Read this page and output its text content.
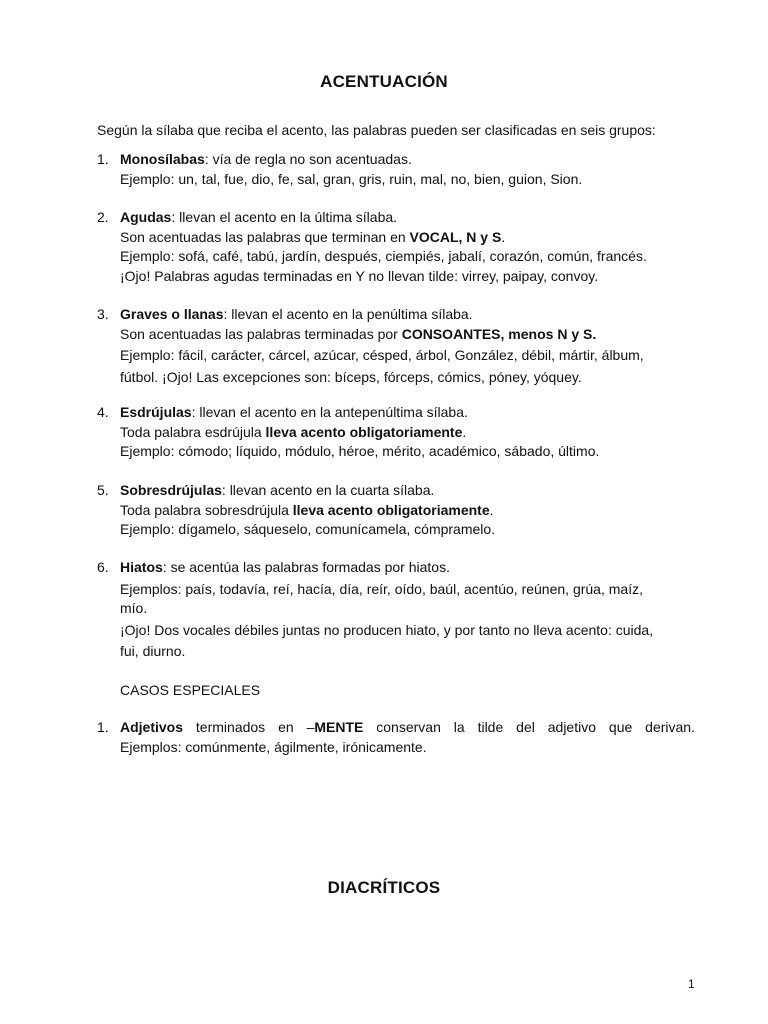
ACENTUACIÓN
Según la sílaba que reciba el acento, las palabras pueden ser clasificadas en seis grupos:
1. Monosílabas: vía de regla no son acentuadas.
Ejemplo: un, tal, fue, dio, fe, sal, gran, gris, ruin, mal, no, bien, guion, Sion.
2. Agudas: llevan el acento en la última sílaba.
Son acentuadas las palabras que terminan en VOCAL, N y S.
Ejemplo: sofá, café, tabú, jardín, después, ciempiés, jabalí, corazón, común, francés.
¡Ojo! Palabras agudas terminadas en Y no llevan tilde: virrey, paipay, convoy.
3. Graves o llanas: llevan el acento en la penúltima sílaba.
Son acentuadas las palabras terminadas por CONSOANTES, menos N y S.
Ejemplo: fácil, carácter, cárcel, azúcar, césped, árbol, González, débil, mártir, álbum,
fútbol. ¡Ojo! Las excepciones son: bíceps, fórceps, cómics, póney, yóquey.
4. Esdrújulas: llevan el acento en la antepenúltima sílaba.
Toda palabra esdrújula lleva acento obligatoriamente.
Ejemplo: cómodo; líquido, módulo, héroe, mérito, académico, sábado, último.
5. Sobresdrújulas: llevan acento en la cuarta sílaba.
Toda palabra sobresdrújula lleva acento obligatoriamente.
Ejemplo: dígamelo, sáqueselo, comunícamela, cómpramelo.
6. Hiatos: se acentúa las palabras formadas por hiatos.
Ejemplos: país, todavía, reí, hacía, día, reír, oído, baúl, acentúo, reúnen, grúa, maíz,
mío.
¡Ojo! Dos vocales débiles juntas no producen hiato, y por tanto no lleva acento: cuida,
fui, diurno.
CASOS ESPECIALES
1. Adjetivos terminados en –MENTE conservan la tilde del adjetivo que derivan.
Ejemplos: comúnmente, ágilmente, irónicamente.
DIACRÍTICOS
1
